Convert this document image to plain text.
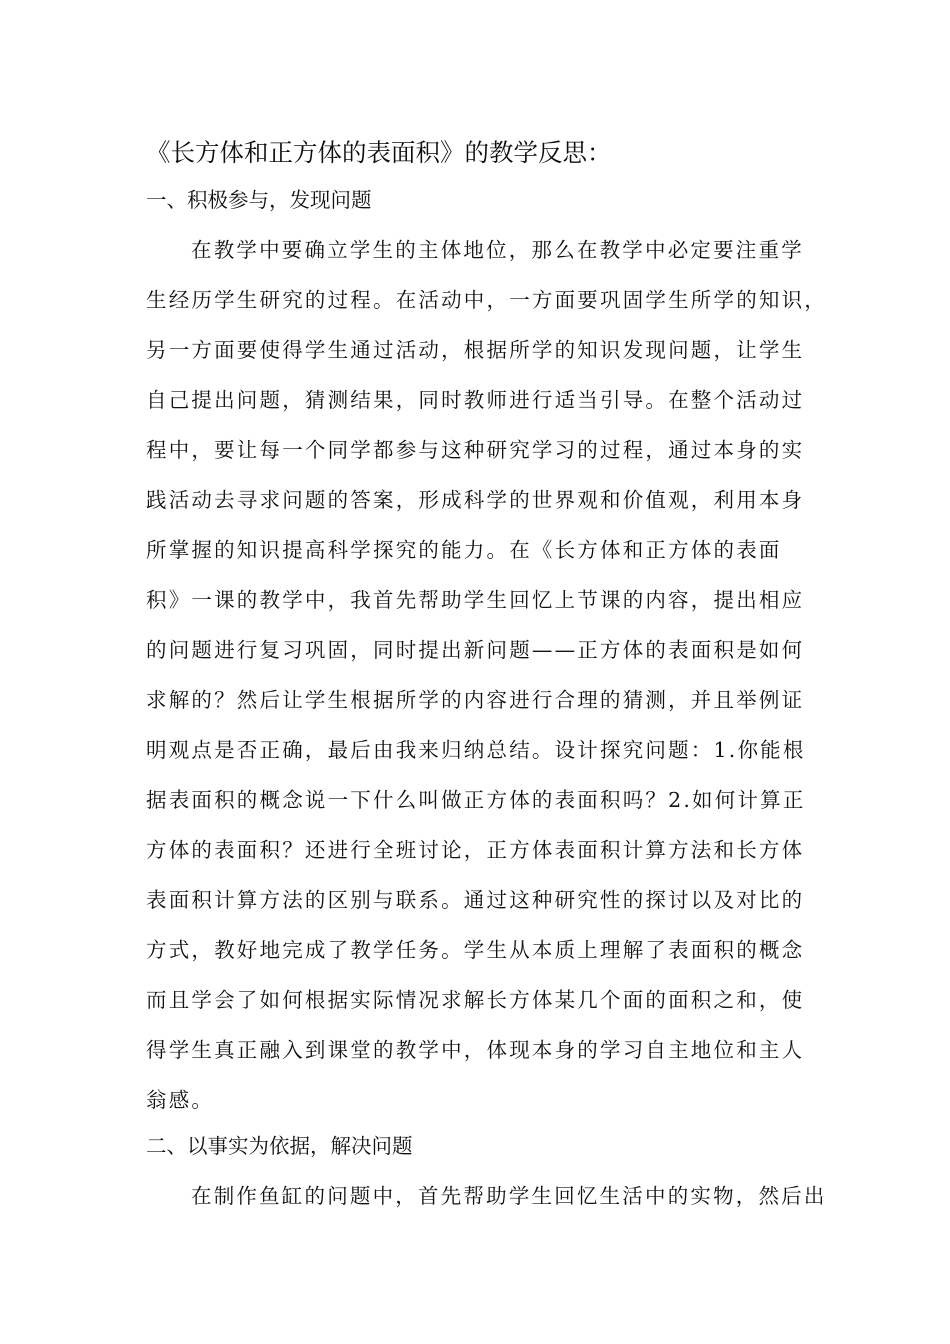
《长方体和正方体的表面积》的教学反思：
一、积极参与，发现问题
在教学中要确立学生的主体地位，那么在教学中必定要注重学
生经历学生研究的过程。在活动中，一方面要巩固学生所学的知识，
另一方面要使得学生通过活动，根据所学的知识发现问题，让学生
自己提出问题，猜测结果，同时教师进行适当引导。在整个活动过
程中，要让每一个同学都参与这种研究学习的过程，通过本身的实
践活动去寻求问题的答案，形成科学的世界观和价值观，利用本身
所掌握的知识提高科学探究的能力。在《长方体和正方体的表面
积》一课的教学中，我首先帮助学生回忆上节课的内容，提出相应
的问题进行复习巩固，同时提出新问题——正方体的表面积是如何
求解的？然后让学生根据所学的内容进行合理的猜测，并且举例证
明观点是否正确，最后由我来归纳总结。设计探究问题：1.你能根
据表面积的概念说一下什么叫做正方体的表面积吗？2.如何计算正
方体的表面积？还进行全班讨论，正方体表面积计算方法和长方体
表面积计算方法的区别与联系。通过这种研究性的探讨以及对比的
方式，教好地完成了教学任务。学生从本质上理解了表面积的概念
而且学会了如何根据实际情况求解长方体某几个面的面积之和，使
得学生真正融入到课堂的教学中，体现本身的学习自主地位和主人
翁感。
二、以事实为依据，解决问题
在制作鱼缸的问题中，首先帮助学生回忆生活中的实物，然后出
